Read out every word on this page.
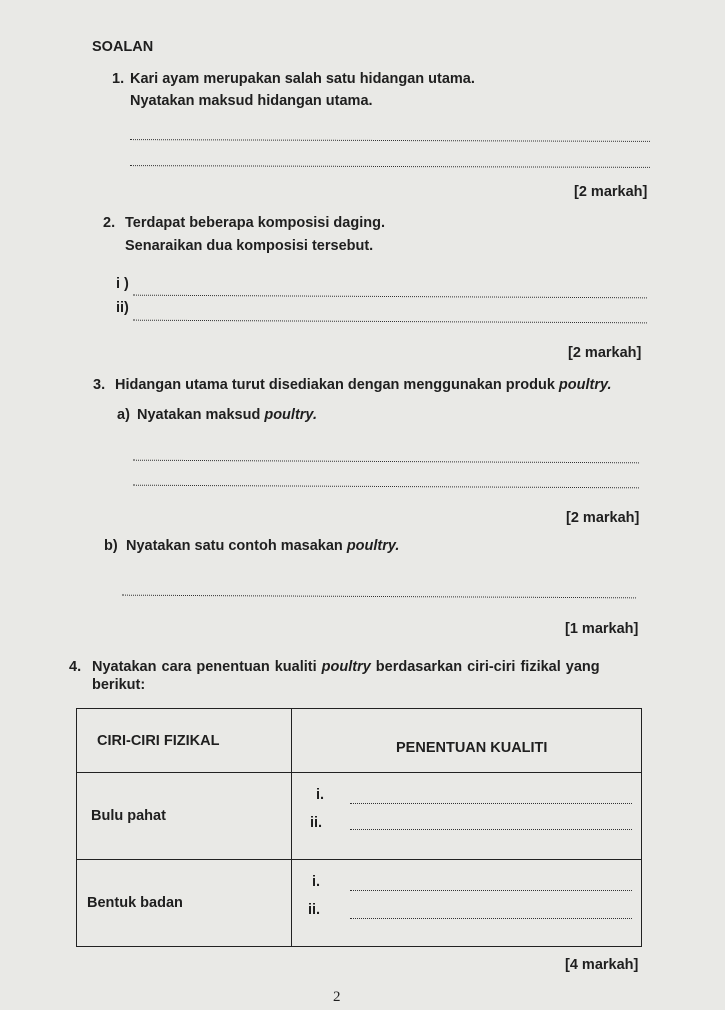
SOALAN
1. Kari ayam merupakan salah satu hidangan utama.
Nyatakan maksud hidangan utama.
[2 markah]
2. Terdapat beberapa komposisi daging.
Senaraikan dua komposisi tersebut.
i )
ii)
[2 markah]
3. Hidangan utama turut disediakan dengan menggunakan produk poultry.
a) Nyatakan maksud poultry.
[2 markah]
b) Nyatakan satu contoh masakan poultry.
[1 markah]
4. Nyatakan cara penentuan kualiti poultry berdasarkan ciri-ciri fizikal yang
berikut:
CIRI-CIRI FIZIKAL	PENENTUAN KUALITI
Bulu pahat	i.
ii.

Bentuk badan	i.
ii.
[4 markah]
2
